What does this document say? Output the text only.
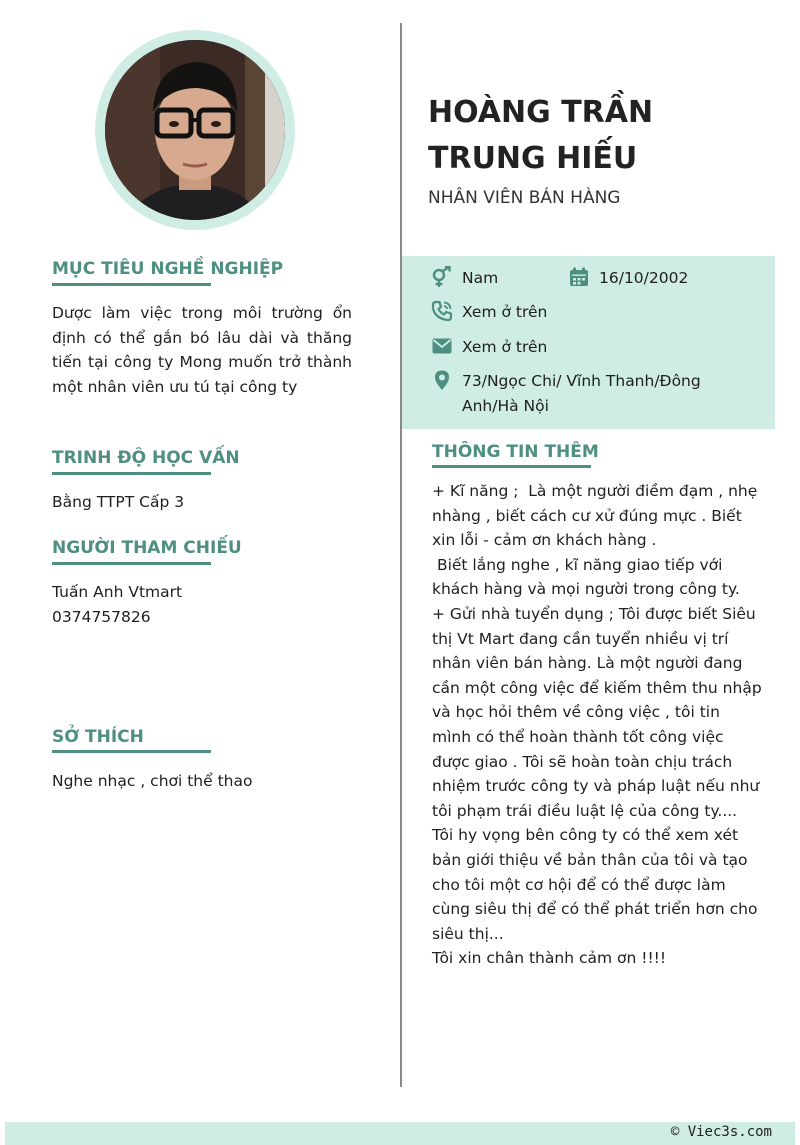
MỤC TIÊU NGHỀ NGHIỆP
Dược làm việc trong môi trường ổn định có thể gắn bó lâu dài và thăng tiến tại công ty Mong muốn trở thành một nhân viên ưu tú tại công ty
TRINH ĐỘ HỌC VẤN
Bằng TTPT Cấp 3
NGƯỜI THAM CHIẾU
Tuấn Anh Vtmart
0374757826
SỞ THÍCH
Nghe nhạc , chơi thể thao
HOÀNG TRẦN TRUNG HIẾU
NHÂN VIÊN BÁN HÀNG
Nam	16/10/2002
Xem ở trên
Xem ở trên
73/Ngọc Chi/ Vĩnh Thanh/Đông Anh/Hà Nội
THÔNG TIN THÊM

+ Kĩ năng ;  Là một người điềm đạm , nhẹ nhàng , biết cách cư xử đúng mực . Biết xin lỗi - cảm ơn khách hàng .

Biết lắng nghe , kĩ năng giao tiếp với khách hàng và mọi người trong công ty.

+ Gửi nhà tuyển dụng ; Tôi được biết Siêu thị Vt Mart đang cần tuyển nhiều vị trí nhân viên bán hàng. Là một người đang cần một công việc để kiếm thêm thu nhập và học hỏi thêm về công việc , tôi tin mình có thể hoàn thành tốt công việc được giao . Tôi sẽ hoàn toàn chịu trách nhiệm trước công ty và pháp luật nếu như tôi phạm trái điều luật lệ của công ty....

Tôi hy vọng bên công ty có thể xem xét bản giới thiệu về bản thân của tôi và tạo cho tôi một cơ hội để có thể được làm cùng siêu thị để có thể phát triển hơn cho siêu thị...

Tôi xin chân thành cảm ơn !!!!

© Viec3s.com
